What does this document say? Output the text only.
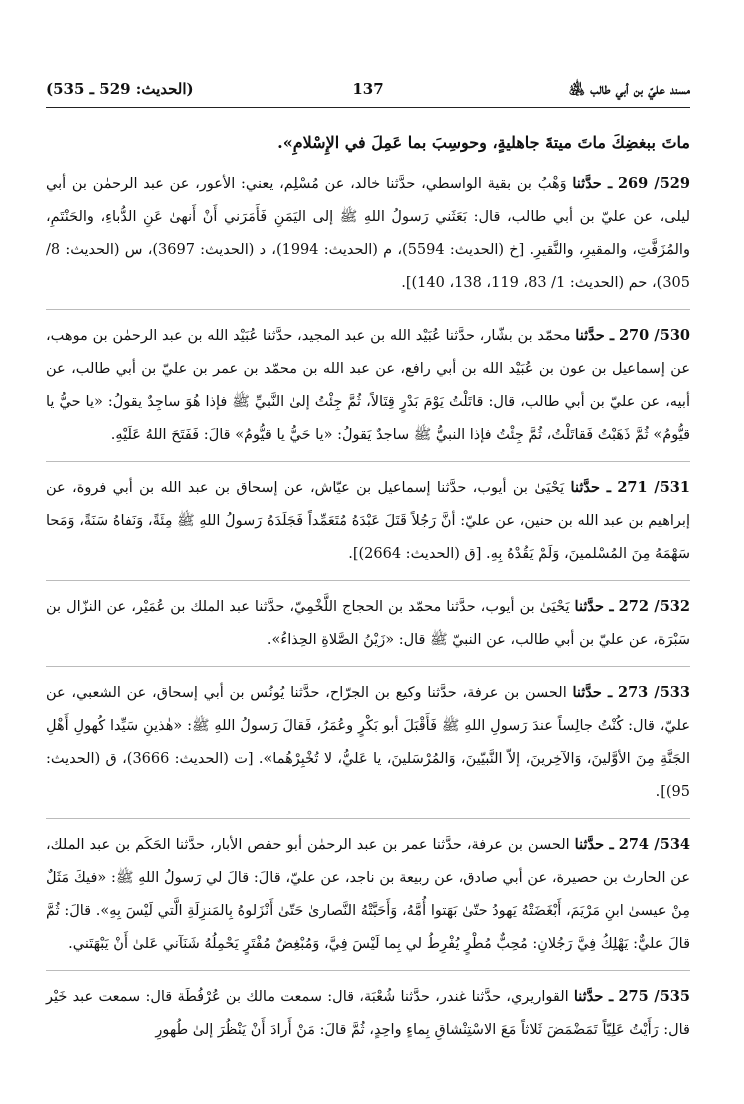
مسند عليّ بن أبي طالب ﵁
137
(الحديث: 529 ـ 535)

ماتَ ببغضِكَ ماتَ ميتةَ جاهليةٍ، وحوسِبَ بما عَمِلَ في الإِسْلامِ».

529/ 269 ـ حدَّثنا وَهْبُ بن بقية الواسطي، حدَّثنا خالد، عن مُسْلِم، يعني: الأعور، عن عبد الرحمٰن بن أبي ليلى، عن عليّ بن أبي طالب، قال: بَعَثَني رَسولُ اللهِ ﷺ إلى اليَمَنِ فَأَمَرَني أَنْ أَنهىٰ عَنِ الدُّباءِ، والحَنْتَمِ، والمُزَفَّتِ، والمقيرِ، والنَّقيرِ. [خ (الحديث: 5594)، م (الحديث: 1994)، د (الحديث: 3697)، س (الحديث: 8/ 305)، حم (الحديث: 1/ 83، 119، 138، 140)].

530/ 270 ـ حدَّثنا محمّد بن بشّار، حدَّثنا عُبَيْد الله بن عبد المجيد، حدَّثنا عُبَيْد الله بن عبد الرحمٰن بن موهب، عن إسماعيل بن عون بن عُبَيْد الله بن أبي رافع، عن عبد الله بن محمّد بن عمر بن عليّ بن أبي طالب، عن أبيه، عن عليّ بن أبي طالب، قال: قاتَلْتُ يَوْمَ بَدْرٍ قِتَالاً، ثُمَّ جِئْتُ إلىٰ النَّبيِّ ﷺ فإذا هُوَ ساجِدٌ يقولُ: «يا حيُّ يا قيُّومُ» ثُمَّ ذَهَبْتُ فَقاتَلْتُ، ثُمَّ جِئْتُ فإذا النبيُّ ﷺ ساجدٌ يَقولُ: «يا حَيُّ يا قيُّومُ» قالَ: فَفَتَحَ اللهُ عَلَيْهِ.

531/ 271 ـ حدَّثنا يَحْيَىٰ بن أيوب، حدَّثنا إسماعيل بن عيّاش، عن إسحاق بن عبد الله بن أبي فروة، عن إبراهيم بن عبد الله بن حنين، عن عليّ: أنَّ رَجُلاً قَتَلَ عَبْدَهُ مُتَعَمِّداً فَجَلَدَهُ رَسولُ اللهِ ﷺ مِئَةً، وَنَفاهُ سَنَةً، وَمَحا سَهْمَهُ مِنَ المُسْلمينَ، وَلَمْ يَقُدْهُ بِهِ. [ق (الحديث: 2664)].

532/ 272 ـ حدَّثنا يَحْيَىٰ بن أيوب، حدَّثنا محمّد بن الحجاج اللَّخْمِيّ، حدَّثنا عبد الملك بن عُمَيْر، عن النزّال بن سَبْرَة، عن عليّ بن أبي طالب، عن النبيّ ﷺ قال: «زَيْنُ الصَّلاةِ الحِذاءُ».

533/ 273 ـ حدَّثنا الحسن بن عرفة، حدَّثنا وكيع بن الجرّاح، حدَّثنا يُونُس بن أبي إسحاق، عن الشعبي، عن عليّ، قال: كُنْتُ جالِساً عندَ رَسولِ اللهِ ﷺ فَأَقْبَلَ أبو بَكْرٍ وعُمَرُ، فَقالَ رَسولُ اللهِ ﷺ: «هٰذينِ سَيِّدا كُهولِ أَهْلِ الجَنَّةِ مِنَ الأوَّلينَ، وَالآخِرينَ، إلاّ النَّبيّينَ، وَالمُرْسَلينَ، يا عَليُّ، لا تُخْبِرْهُما». [ت (الحديث: 3666)، ق (الحديث: 95)].

534/ 274 ـ حدَّثنا الحسن بن عرفة، حدَّثنا عمر بن عبد الرحمٰن أبو حفص الأبار، حدَّثنا الحَكَم بن عبد الملك، عن الحارث بن حصيرة، عن أبي صادق، عن ربيعة بن ناجد، عن عليّ، قالَ: قالَ لي رَسولُ اللهِ ﷺ: «فيكَ مَثَلٌ مِنْ عيسىٰ ابنِ مَرْيَمَ، أَبْغَضَتْهُ يَهودُ حتّىٰ بَهَتوا أُمَّهُ، وَأَحَبَّتْهُ النَّصارىٰ حَتّىٰ أَنْزَلوهُ بِالمَنزِلَةِ الَّتي لَيْسَ بِهِ». قالَ: ثُمَّ قالَ عليٌّ: يَهْلِكُ فِيَّ رَجُلانِ: مُحِبٌّ مُطْرٍ يُفْرِطُ لي بِما لَيْسَ فِيَّ، وَمُبْغِضٌ مُفْتَرٍ يَحْمِلُهُ شَنَآني عَلىٰ أَنْ يَبْهَتَني.

535/ 275 ـ حدَّثنا القواريري، حدَّثنا غندر، حدَّثنا شُعْبَة، قال: سمعت مالك بن عُرْفُطَة قال: سمعت عبد خَيْر قال: رَأَيْتُ عَلِيّاً تَمَضْمَضَ ثَلاثاً مَعَ الاسْتِنْشاقِ بِماءٍ واحِدٍ، ثُمَّ قالَ: مَنْ أَرادَ أَنْ يَنْظُرَ إلىٰ طُهورِ
